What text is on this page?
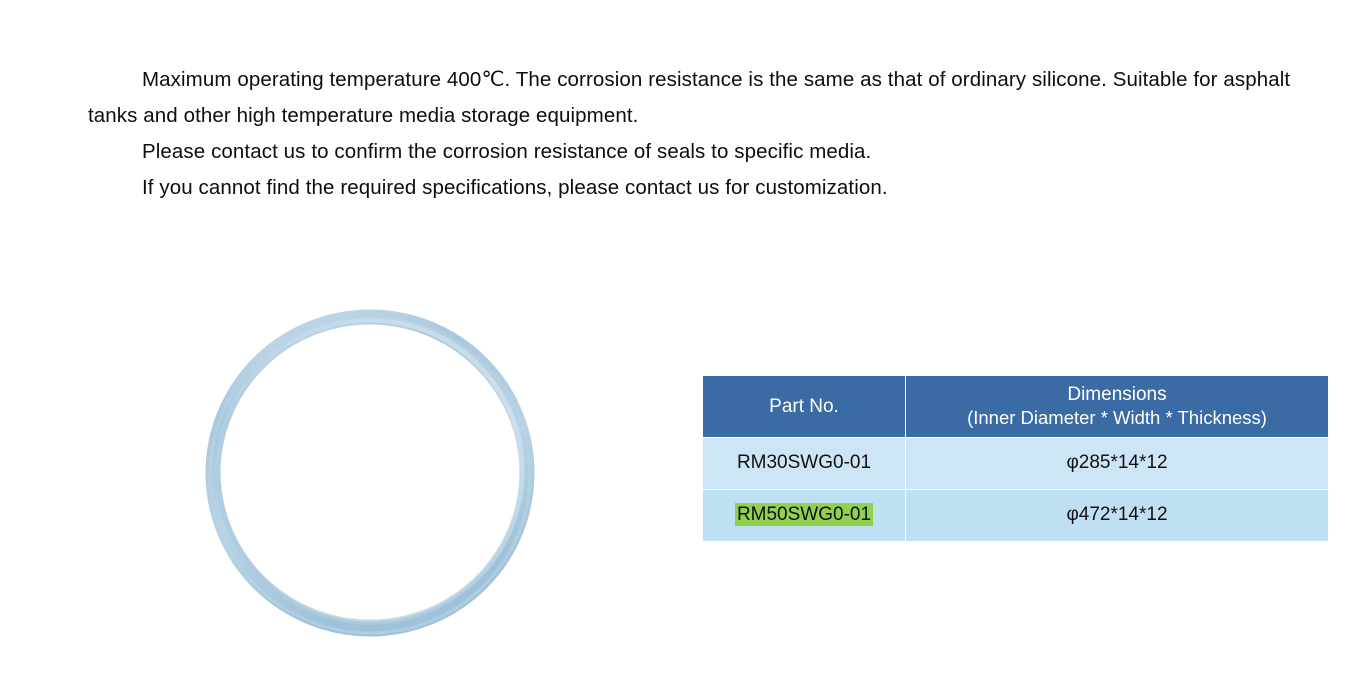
Maximum operating temperature 400℃. The corrosion resistance is the same as that of ordinary silicone. Suitable for asphalt tanks and other high temperature media storage equipment.

Please contact us to confirm the corrosion resistance of seals to specific media.

If you cannot find the required specifications, please contact us for customization.

Part No.	Dimensions
(Inner Diameter * Width * Thickness)

RM30SWG0-01	φ285*14*12
RM50SWG0-01	φ472*14*12
